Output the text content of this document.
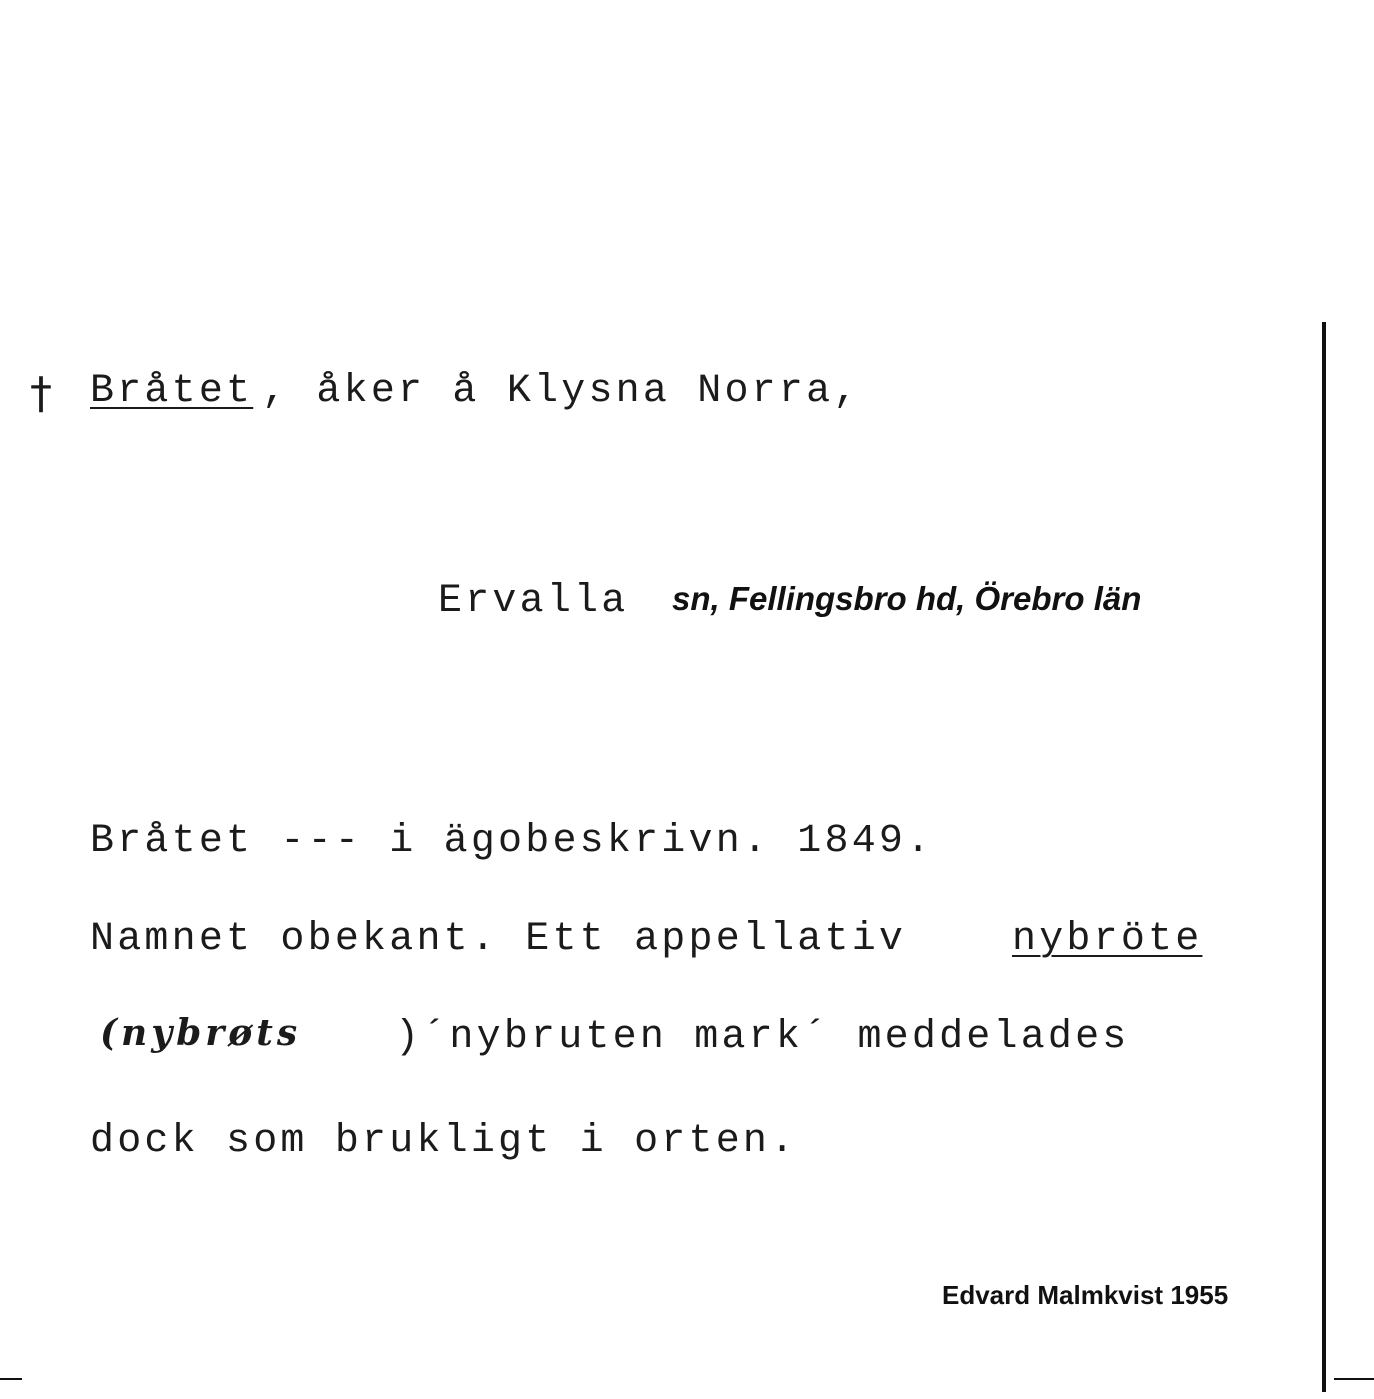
† Bråtet , åker å Klysna Norra,
Ervalla sn, Fellingsbro hd, Örebro län
Bråtet --- i ägobeskrivn. 1849.
Namnet obekant. Ett appellativ nybröte
(nybrøts )´nybruten mark´ meddelades
dock som brukligt i orten.
Edvard Malmkvist 1955
